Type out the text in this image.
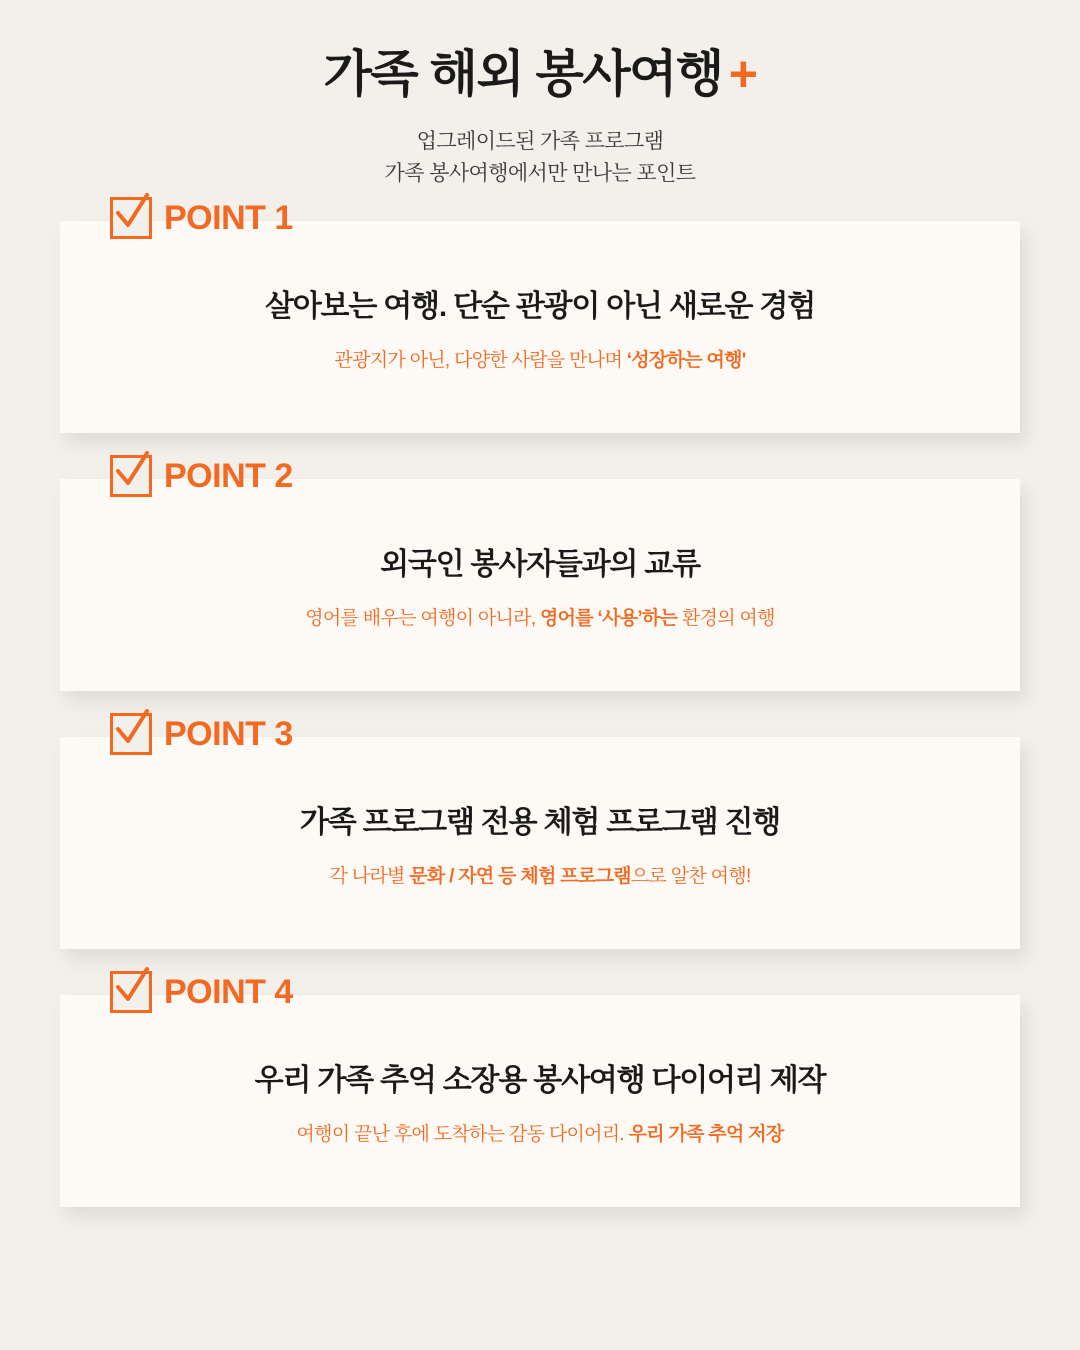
가족 해외 봉사여행 +
업그레이드된 가족 프로그램
가족 봉사여행에서만 만나는 포인트
POINT 1

살아보는 여행. 단순 관광이 아닌 새로운 경험

관광지가 아닌, 다양한 사람을 만나며 ‘성장하는 여행'

POINT 2

외국인 봉사자들과의 교류

영어를 배우는 여행이 아니라, 영어를 ‘사용’하는 환경의 여행

POINT 3

가족 프로그램 전용 체험 프로그램 진행

각 나라별 문화 / 자연 등 체험 프로그램으로 알찬 여행!

POINT 4

우리 가족 추억 소장용 봉사여행 다이어리 제작

여행이 끝난 후에 도착하는 감동 다이어리. 우리 가족 추억 저장
